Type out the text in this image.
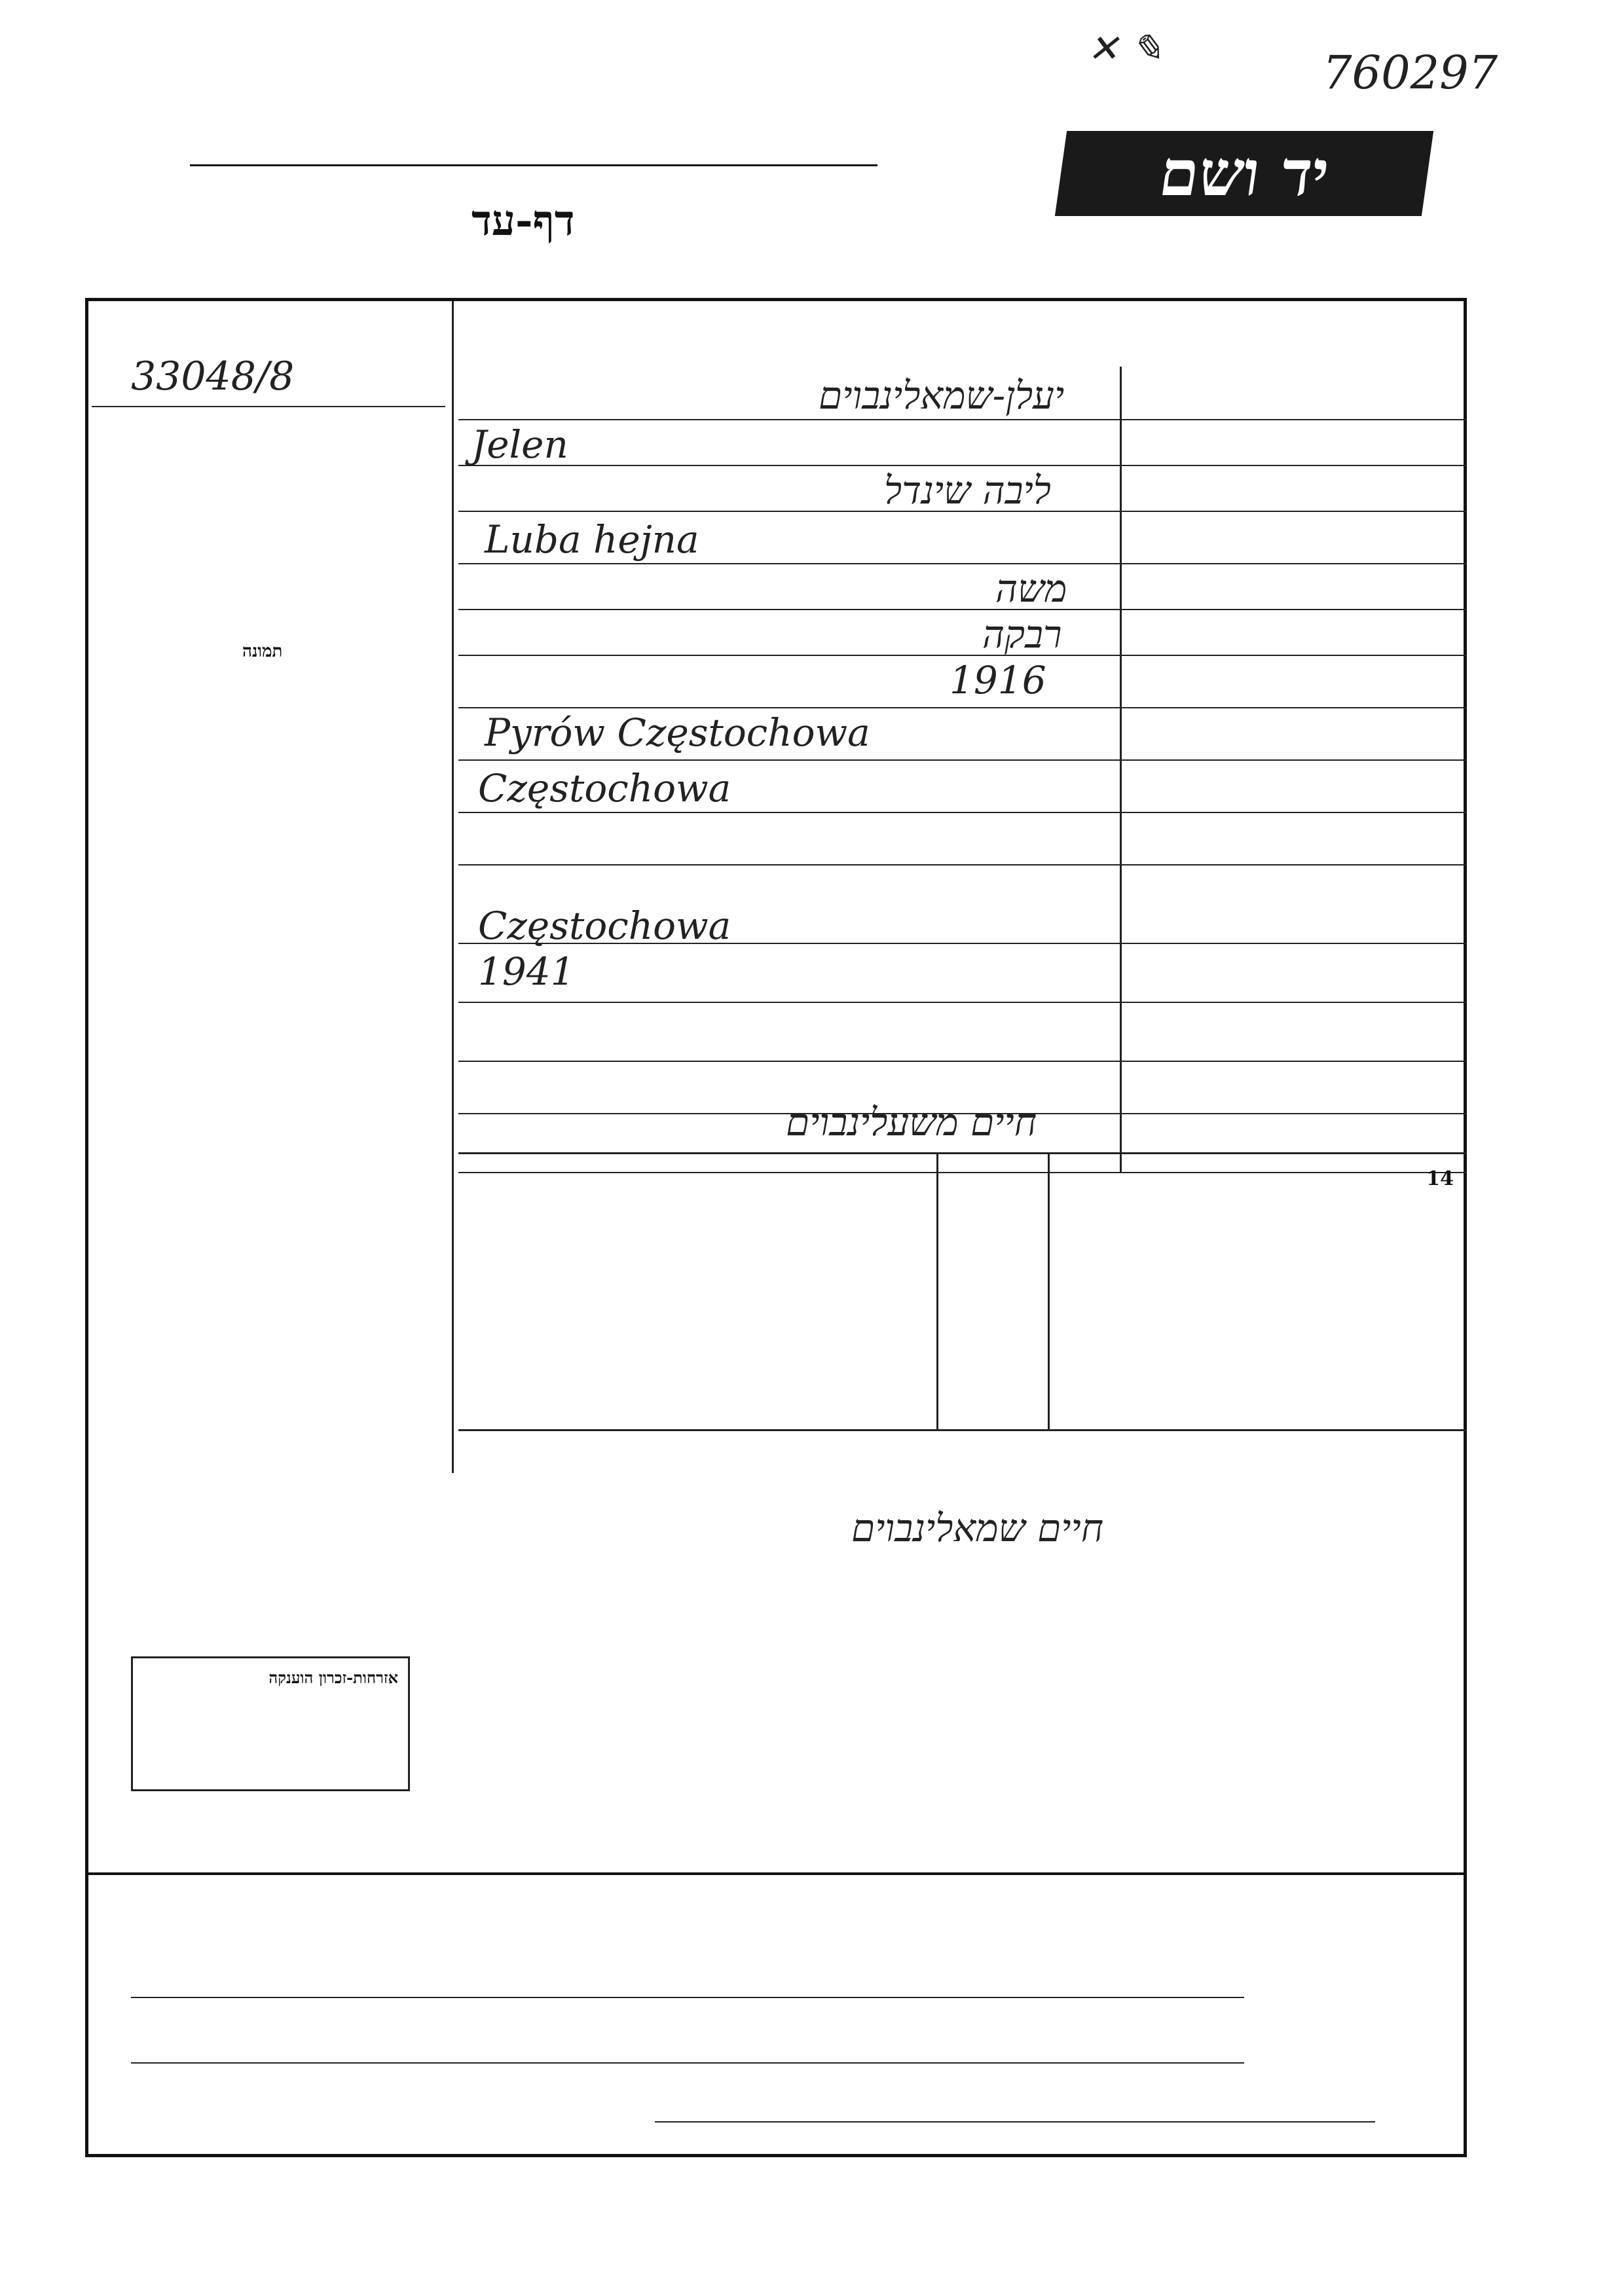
✕ ✎	760297

דף-עד
יד ושם
33048/8
תמונה
יעלן-שמאלינבוים
Jelen
ליבה שינדל
Luba hejna
משה
רבקה
1916
Pyrów Częstochowa
Częstochowa
Częstochowa
1941
חיים משעלינבוים
14
חיים שמאלינבוים
אזרחות-זכרון הוענקה
